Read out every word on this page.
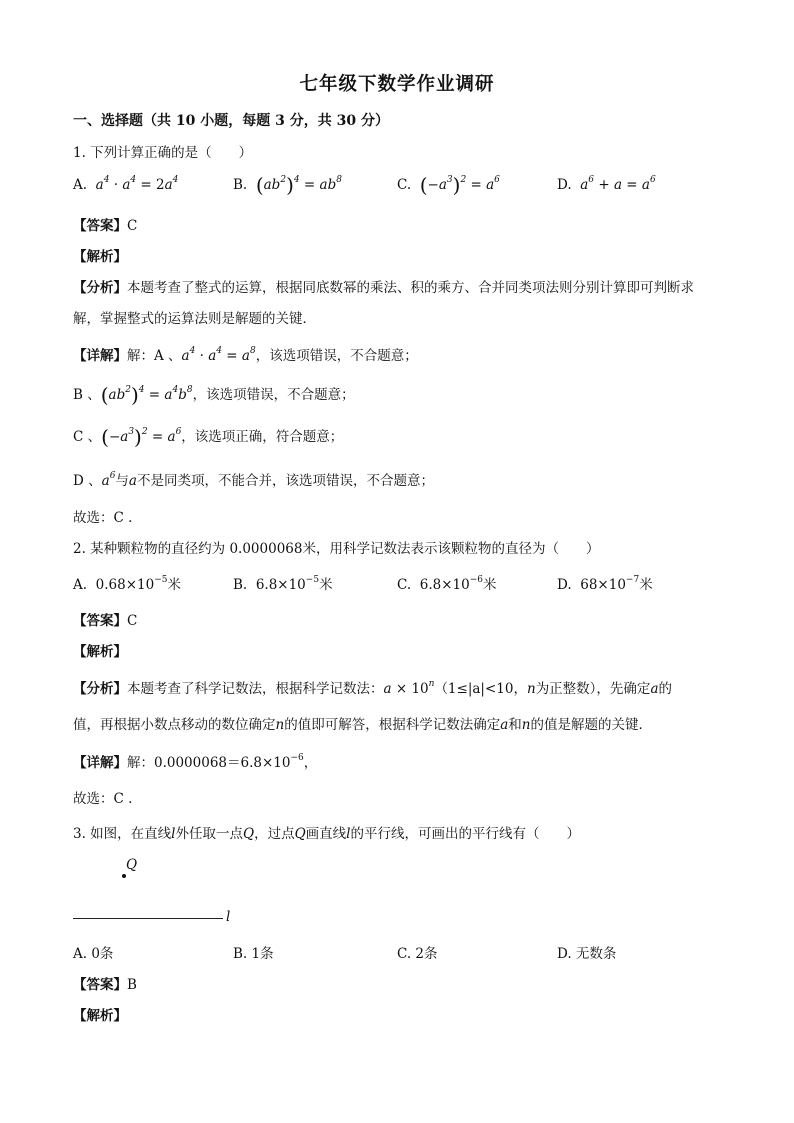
七年级下数学作业调研
一、选择题（共 10 小题，每题 3 分，共 30 分）
1. 下列计算正确的是（　　）
A. $a^4 \cdot a^4 = 2a^4$	B. $(ab^2)^4 = ab^8$	C. $(-a^3)^2 = a^6$	D. $a^6 + a = a^6$
【答案】C
【解析】
【分析】本题考查了整式的运算，根据同底数幂的乘法、积的乘方、合并同类项法则分别计算即可判断求
解，掌握整式的运算法则是解题的关键．
【详解】解：A 、$a^4 \cdot a^4 = a^8$，该选项错误，不合题意；
B 、$(ab^2)^4 = a^4b^8$，该选项错误，不合题意；
C 、$(-a^3)^2 = a^6$，该选项正确，符合题意；
D 、$a^6$与a不是同类项，不能合并，该选项错误，不合题意；
故选：C .
2. 某种颗粒物的直径约为 0.0000068米，用科学记数法表示该颗粒物的直径为（　　）
A. $0.68\times 10^{-5}$米	B. $6.8\times 10^{-5}$米	C. $6.8\times 10^{-6}$米	D. $68\times 10^{-7}$米
【答案】C
【解析】
【分析】本题考查了科学记数法，根据科学记数法：$a \times 10^n(1\le|a|<10$，n为正整数），先确定a的
值，再根据小数点移动的数位确定n的值即可解答，根据科学记数法确定a和n的值是解题的关键．
【详解】解：$0.0000068=6.8\times 10^{-6}$，
故选：C .
3. 如图，在直线l外任取一点Q，过点Q画直线l的平行线，可画出的平行线有（　　）
Q
l
A. 0条	B. 1条	C. 2条	D. 无数条
【答案】B
【解析】
